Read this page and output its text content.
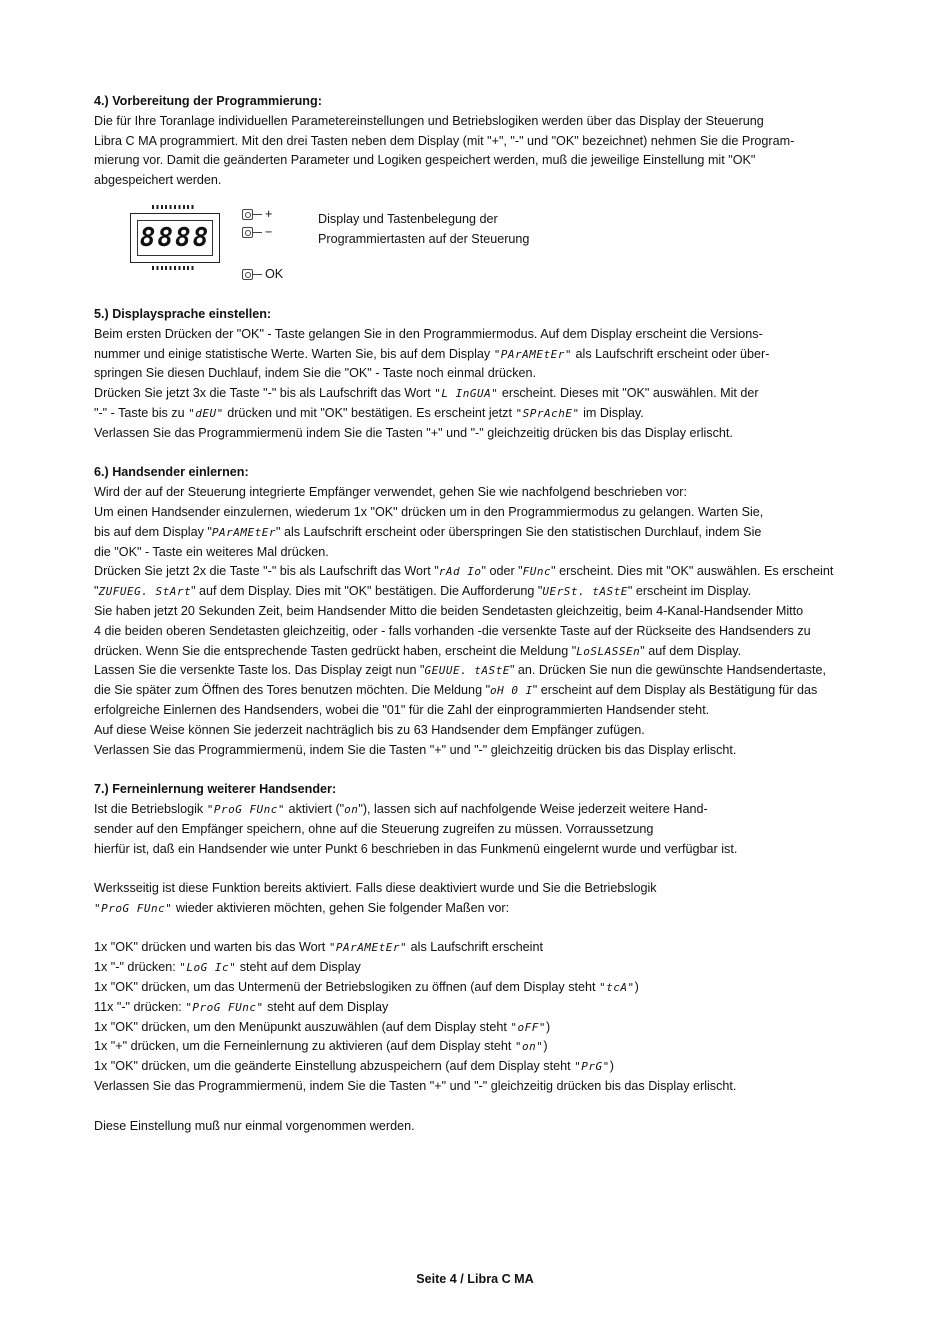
4.) Vorbereitung der Programmierung:
Die für Ihre Toranlage individuellen Parametereinstellungen und Betriebslogiken werden über das Display der Steuerung
Libra C MA programmiert. Mit den drei Tasten neben dem Display (mit "+", "-" und "OK" bezeichnet) nehmen Sie die Program-
mierung vor. Damit die geänderten Parameter und Logiken gespeichert werden, muß die jeweilige Einstellung mit "OK"
abgespeichert werden.
8888
+
−
OK
Display und Tastenbelegung der
Programmiertasten auf der Steuerung
5.) Displaysprache einstellen:
Beim ersten Drücken der "OK" - Taste gelangen Sie in den Programmiermodus. Auf dem Display erscheint die Versions-
nummer und einige statistische Werte. Warten Sie, bis auf dem Display "PArAMEtEr" als Laufschrift erscheint oder über-
springen Sie diesen Duchlauf, indem Sie die "OK" - Taste noch einmal drücken.
Drücken Sie jetzt 3x die Taste "-" bis als Laufschrift das Wort "L InGUA" erscheint. Dieses mit "OK" auswählen. Mit der
"-" - Taste bis zu "dEU" drücken und mit "OK" bestätigen. Es erscheint jetzt "SPrAchE" im Display.
Verlassen Sie das Programmiermenü indem Sie die Tasten "+" und "-" gleichzeitig drücken bis das Display erlischt.
6.) Handsender einlernen:
Wird der auf der Steuerung integrierte Empfänger verwendet, gehen Sie wie nachfolgend beschrieben vor:
Um einen Handsender einzulernen, wiederum 1x "OK" drücken um in den Programmiermodus zu gelangen. Warten Sie,
bis auf dem Display "PArAMEtEr" als Laufschrift erscheint oder überspringen Sie den statistischen Durchlauf, indem Sie
die "OK" - Taste ein weiteres Mal drücken.
Drücken Sie jetzt 2x die Taste "-" bis als Laufschrift das Wort "rAd Io" oder "FUnc" erscheint. Dies mit "OK" auswählen. Es erscheint
"ZUFUEG. StArt" auf dem Display. Dies mit "OK" bestätigen. Die Aufforderung "UErSt. tAStE" erscheint im Display.
Sie haben jetzt 20 Sekunden Zeit, beim Handsender Mitto die beiden Sendetasten gleichzeitig, beim 4-Kanal-Handsender Mitto
4 die beiden oberen Sendetasten gleichzeitig, oder - falls vorhanden -die versenkte Taste auf der Rückseite des Handsenders zu
drücken. Wenn Sie die entsprechende Tasten gedrückt haben, erscheint die Meldung "LoSLASSEn" auf dem Display.
Lassen Sie die versenkte Taste los. Das Display zeigt nun "GEUUE. tAStE" an. Drücken Sie nun die gewünschte Handsendertaste,
die Sie später zum Öffnen des Tores benutzen möchten. Die Meldung "oH 0 I" erscheint auf dem Display als Bestätigung für das
erfolgreiche Einlernen des Handsenders, wobei die "01" für die Zahl der einprogrammierten Handsender steht.
Auf diese Weise können Sie jederzeit nachträglich bis zu 63 Handsender dem Empfänger zufügen.
Verlassen Sie das Programmiermenü, indem Sie die Tasten "+" und "-" gleichzeitig drücken bis das Display erlischt.
7.) Ferneinlernung weiterer Handsender:
Ist die Betriebslogik "ProG FUnc" aktiviert ("on"), lassen sich auf nachfolgende Weise jederzeit weitere Hand-
sender auf den Empfänger speichern, ohne auf die Steuerung zugreifen zu müssen. Vorraussetzung
hierfür ist, daß ein Handsender wie unter Punkt 6 beschrieben in das Funkmenü eingelernt wurde und verfügbar ist.
Werksseitig ist diese Funktion bereits aktiviert. Falls diese deaktiviert wurde und Sie die Betriebslogik
"ProG FUnc" wieder aktivieren möchten, gehen Sie folgender Maßen vor:
1x "OK" drücken und warten bis das Wort "PArAMEtEr" als Laufschrift erscheint
1x "-" drücken: "LoG Ic" steht auf dem Display
1x "OK" drücken, um das Untermenü der Betriebslogiken zu öffnen (auf dem Display steht "tcA")
11x "-" drücken: "ProG FUnc" steht auf dem Display
1x "OK" drücken, um den Menüpunkt auszuwählen (auf dem Display steht "oFF")
1x "+" drücken, um die Ferneinlernung zu aktivieren (auf dem Display steht "on")
1x "OK" drücken, um die geänderte Einstellung abzuspeichern (auf dem Display steht "PrG")
Verlassen Sie das Programmiermenü, indem Sie die Tasten "+" und "-" gleichzeitig drücken bis das Display erlischt.
Diese Einstellung muß nur einmal vorgenommen werden.
Seite 4 / Libra C MA
